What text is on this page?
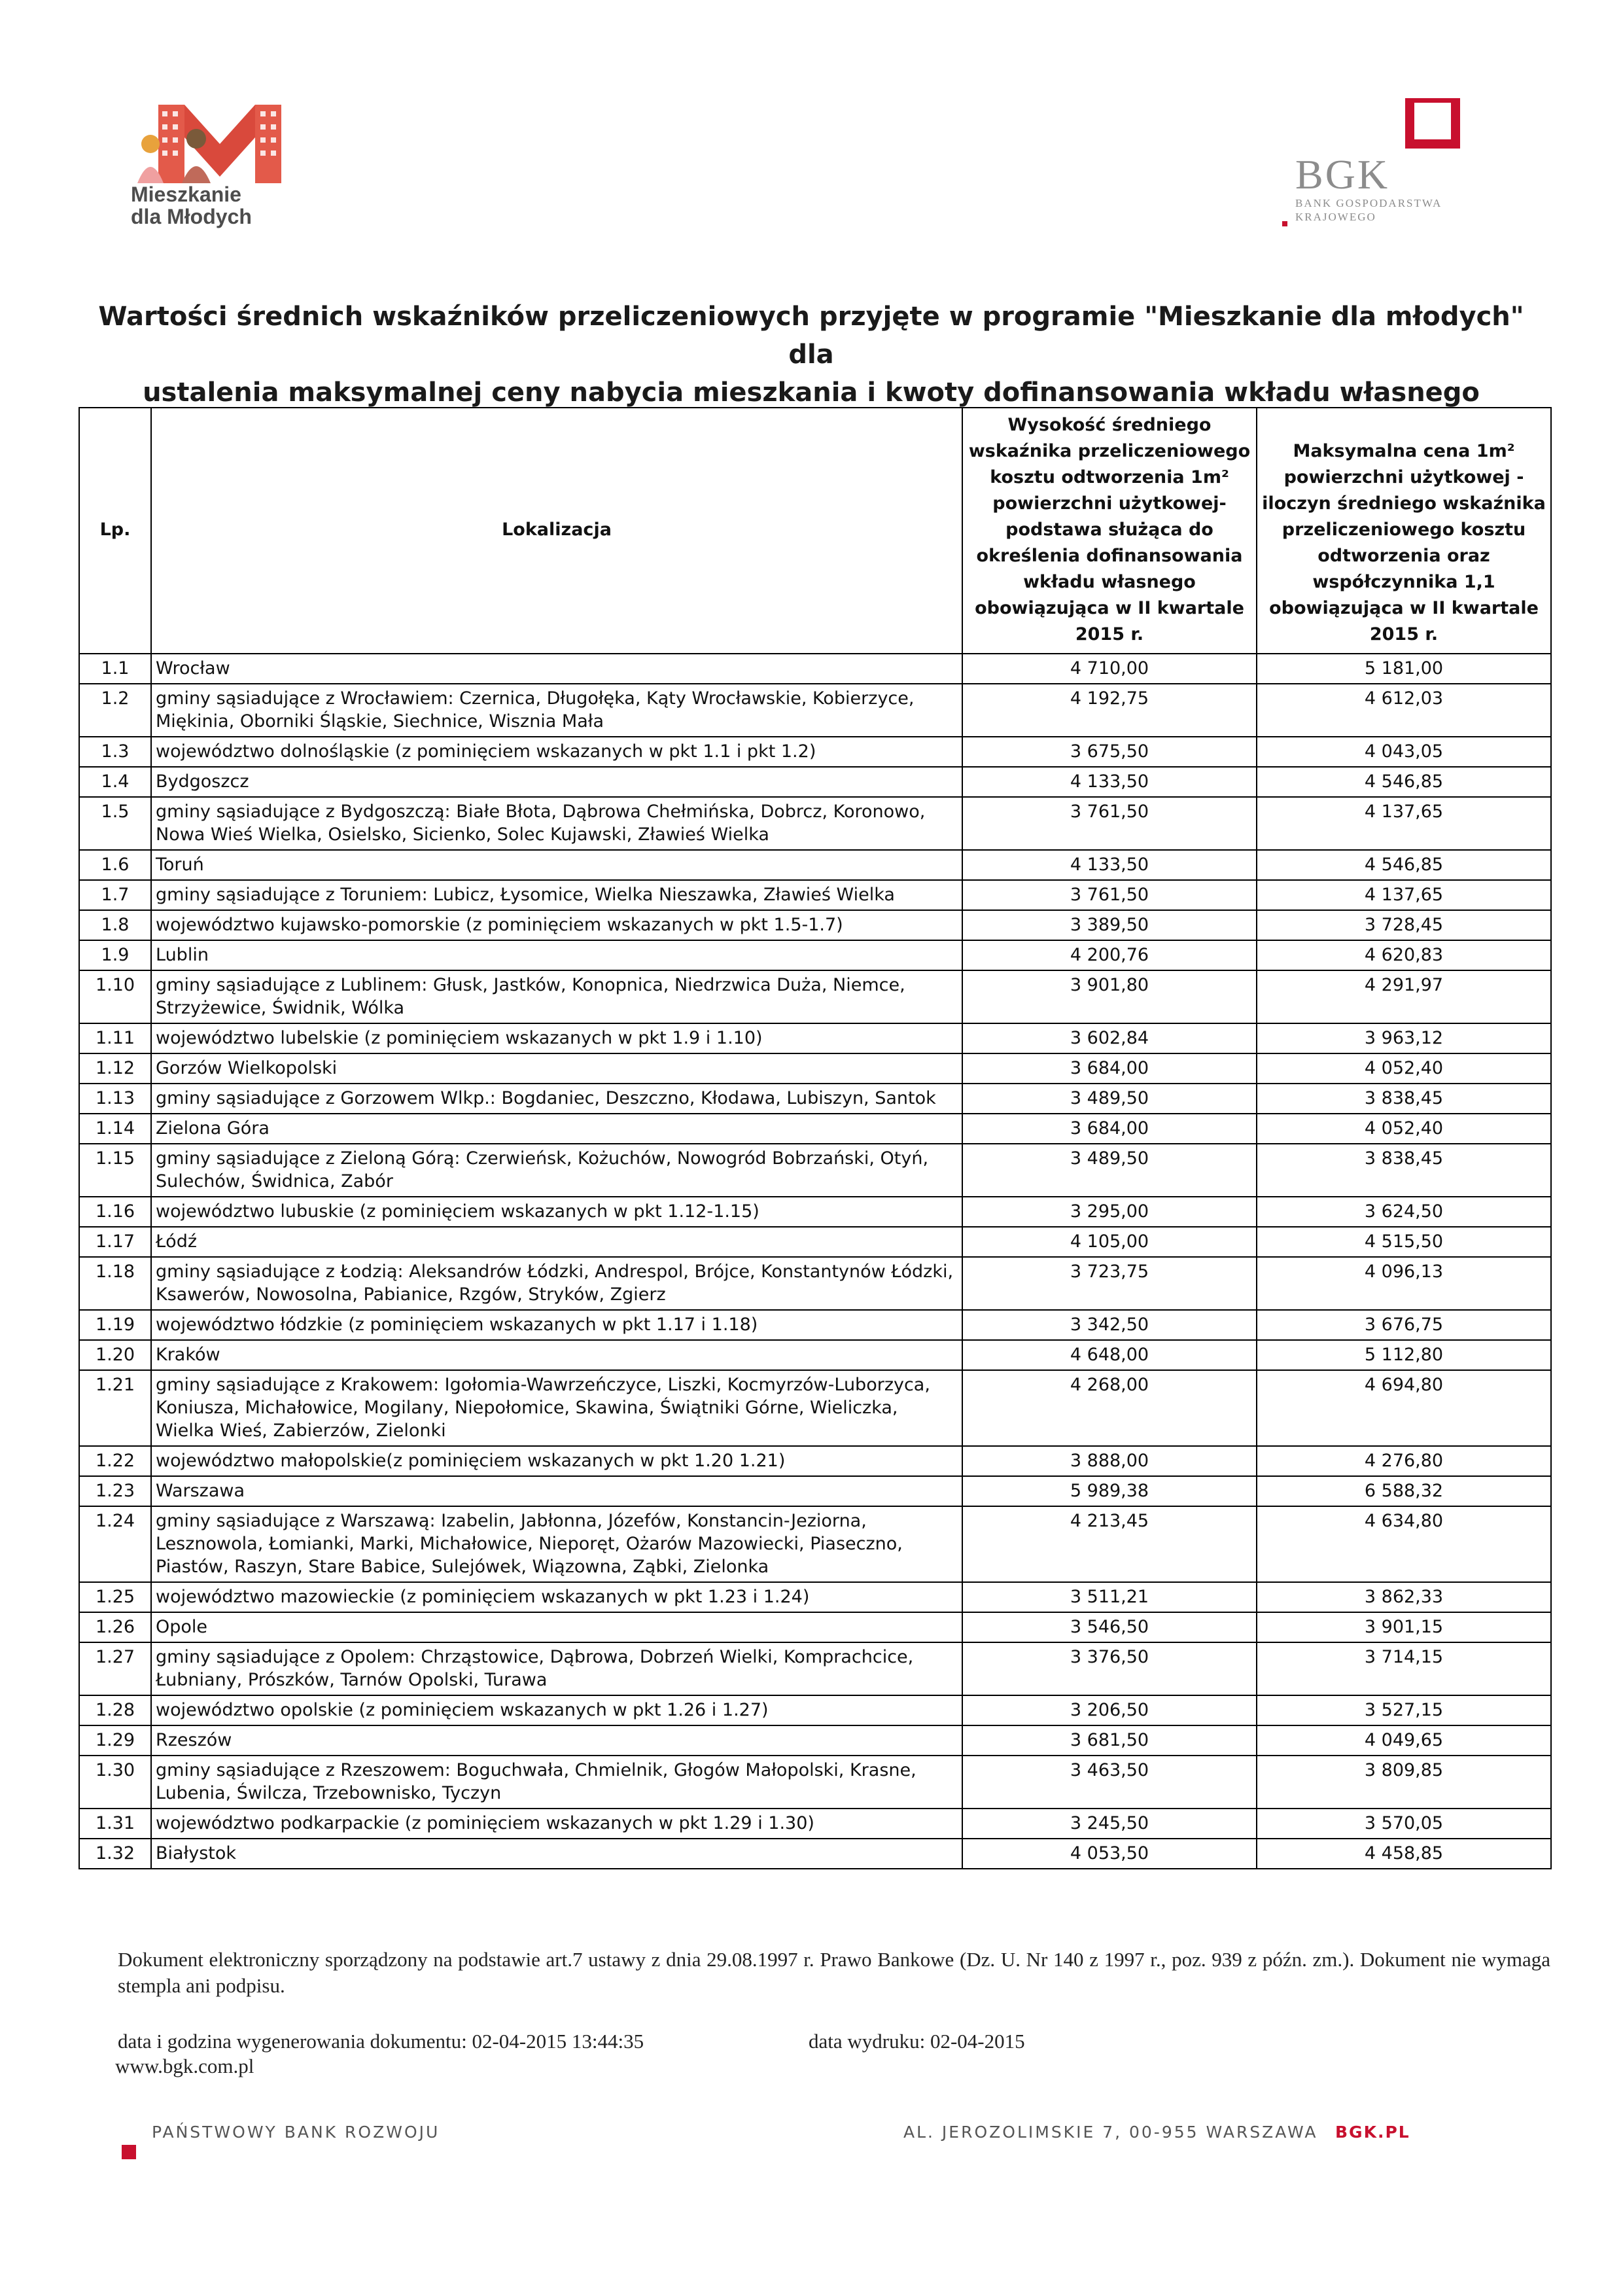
Mieszkanie
dla Młodych
BGK
BANK GOSPODARSTWA
KRAJOWEGO
Wartości średnich wskaźników przeliczeniowych przyjęte w programie "Mieszkanie dla młodych" dla
ustalenia maksymalnej ceny nabycia mieszkania i kwoty dofinansowania wkładu własnego
Lp.	Lokalizacja	Wysokość średniego wskaźnika przeliczeniowego kosztu odtworzenia 1m² powierzchni użytkowej- podstawa służąca do określenia dofinansowania wkładu własnego obowiązująca w II kwartale 2015 r.	Maksymalna cena 1m² powierzchni użytkowej - iloczyn średniego wskaźnika przeliczeniowego kosztu odtworzenia oraz współczynnika 1,1 obowiązująca w II kwartale 2015 r.
1.1	Wrocław	4 710,00	5 181,00
1.2	gminy sąsiadujące z Wrocławiem: Czernica, Długołęka, Kąty Wrocławskie, Kobierzyce, Miękinia, Oborniki Śląskie, Siechnice, Wisznia Mała	4 192,75	4 612,03
1.3	województwo dolnośląskie (z pominięciem wskazanych w pkt 1.1 i pkt 1.2)	3 675,50	4 043,05
1.4	Bydgoszcz	4 133,50	4 546,85
1.5	gminy sąsiadujące z Bydgoszczą: Białe Błota, Dąbrowa Chełmińska, Dobrcz, Koronowo, Nowa Wieś Wielka, Osielsko, Sicienko, Solec Kujawski, Zławieś Wielka	3 761,50	4 137,65
1.6	Toruń	4 133,50	4 546,85
1.7	gminy sąsiadujące z Toruniem: Lubicz, Łysomice, Wielka Nieszawka, Zławieś Wielka	3 761,50	4 137,65
1.8	województwo kujawsko-pomorskie (z pominięciem wskazanych w pkt 1.5-1.7)	3 389,50	3 728,45
1.9	Lublin	4 200,76	4 620,83
1.10	gminy sąsiadujące z Lublinem: Głusk, Jastków, Konopnica, Niedrzwica Duża, Niemce, Strzyżewice, Świdnik, Wólka	3 901,80	4 291,97
1.11	województwo lubelskie (z pominięciem wskazanych w pkt 1.9 i 1.10)	3 602,84	3 963,12
1.12	Gorzów Wielkopolski	3 684,00	4 052,40
1.13	gminy sąsiadujące z Gorzowem Wlkp.: Bogdaniec, Deszczno, Kłodawa, Lubiszyn, Santok	3 489,50	3 838,45
1.14	Zielona Góra	3 684,00	4 052,40
1.15	gminy sąsiadujące z Zieloną Górą: Czerwieńsk, Kożuchów, Nowogród Bobrzański, Otyń, Sulechów, Świdnica, Zabór	3 489,50	3 838,45
1.16	województwo lubuskie (z pominięciem wskazanych w pkt 1.12-1.15)	3 295,00	3 624,50
1.17	Łódź	4 105,00	4 515,50
1.18	gminy sąsiadujące z Łodzią: Aleksandrów Łódzki, Andrespol, Brójce, Konstantynów Łódzki, Ksawerów, Nowosolna, Pabianice, Rzgów, Stryków, Zgierz	3 723,75	4 096,13
1.19	województwo łódzkie (z pominięciem wskazanych w pkt 1.17 i 1.18)	3 342,50	3 676,75
1.20	Kraków	4 648,00	5 112,80
1.21	gminy sąsiadujące z Krakowem: Igołomia-Wawrzeńczyce, Liszki, Kocmyrzów-Luborzyca, Koniusza, Michałowice, Mogilany, Niepołomice, Skawina, Świątniki Górne, Wieliczka, Wielka Wieś, Zabierzów, Zielonki	4 268,00	4 694,80
1.22	województwo małopolskie(z pominięciem wskazanych w pkt 1.20 1.21)	3 888,00	4 276,80
1.23	Warszawa	5 989,38	6 588,32
1.24	gminy sąsiadujące z Warszawą: Izabelin, Jabłonna, Józefów, Konstancin-Jeziorna, Lesznowola, Łomianki, Marki, Michałowice, Nieporęt, Ożarów Mazowiecki, Piaseczno, Piastów, Raszyn, Stare Babice, Sulejówek, Wiązowna, Ząbki, Zielonka	4 213,45	4 634,80
1.25	województwo mazowieckie (z pominięciem wskazanych w pkt 1.23 i 1.24)	3 511,21	3 862,33
1.26	Opole	3 546,50	3 901,15
1.27	gminy sąsiadujące z Opolem: Chrząstowice, Dąbrowa, Dobrzeń Wielki, Komprachcice, Łubniany, Prószków, Tarnów Opolski, Turawa	3 376,50	3 714,15
1.28	województwo opolskie (z pominięciem wskazanych w pkt 1.26 i 1.27)	3 206,50	3 527,15
1.29	Rzeszów	3 681,50	4 049,65
1.30	gminy sąsiadujące z Rzeszowem: Boguchwała, Chmielnik, Głogów Małopolski, Krasne, Lubenia, Świlcza, Trzebownisko, Tyczyn	3 463,50	3 809,85
1.31	województwo podkarpackie (z pominięciem wskazanych w pkt 1.29 i 1.30)	3 245,50	3 570,05
1.32	Białystok	4 053,50	4 458,85
Dokument elektroniczny sporządzony na podstawie art.7 ustawy z dnia 29.08.1997 r. Prawo Bankowe (Dz. U. Nr 140 z 1997 r., poz. 939 z późn. zm.). Dokument nie wymaga stempla ani podpisu.
data i godzina wygenerowania dokumentu: 02-04-2015 13:44:35	data wydruku: 02-04-2015
www.bgk.com.pl
PAŃSTWOWY BANK ROZWOJU	AL. JEROZOLIMSKIE 7, 00-955 WARSZAWA BGK.PL
